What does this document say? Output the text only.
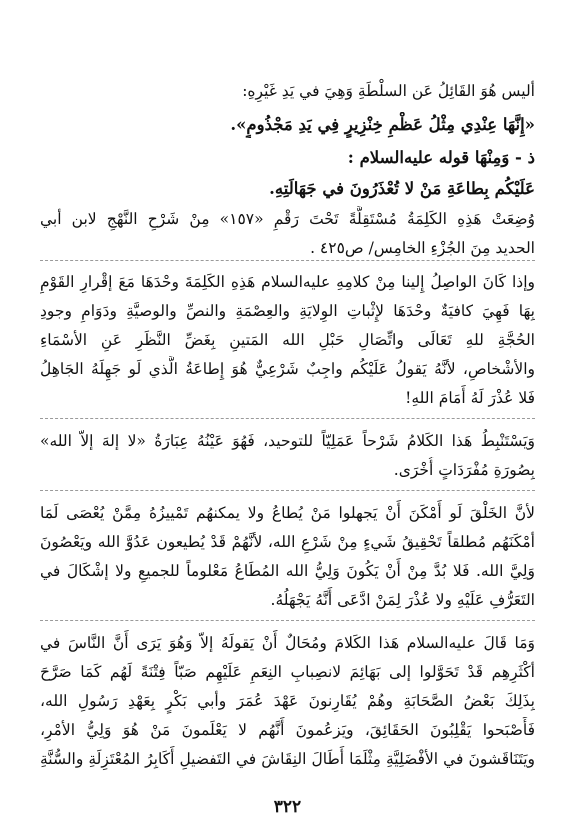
أليس هُوَ القَائِلُ عَن السلْطَةِ وَهِيَ في يَدِ غَيْرِهِ:
«إِنَّهَا عِنْدِي مِثْلُ عَظْمِ خِنْزِيرٍ فِي يَدِ مَجْذُومٍ».
ذ - وَمِنْهَا قوله عليه‌السلام :
عَلَيْكُم بِطاعَةِ مَنْ لا تُعْذَرُونَ في جَهَالَتِهِ.
وُضِعَتْ هَذِهِ الكَلِمَةُ مُسْتَقِلَّةً تَحْتَ رَقْمِ «١٥٧» مِنْ شَرْحِ النَّهْجِ لابن أبي
الحديد مِنَ الجُزْءِ الخامِس/ ص٤٢٥ .
وإذا كَانَ الواصِلُ إِلينا مِنْ كلامِهِ عليه‌السلام هَذِهِ الكَلِمَةَ وحْدَهَا مَعَ إقْرارِ القَوْمِ
بِهَا فَهِيَ كافيَةٌ وحْدَهَا لإِثْباتِ الوِلايَةِ والعِصْمَةِ والنصِّ والوصيَّةِ ودَوَامِ وجودِ
الحُجَّةِ للهِ تَعَالَى واتِّصَالِ حَبْلِ الله المَتينِ بِغَضِّ النَّظَرِ عَنِ الأسْمَاءِ
والأشْخاصِ، لأنَّهُ يَقولُ عَلَيْكُم واجِبٌ شَرْعِيٌّ هُوَ إِطاعَةُ الَّذي لَو جَهِلَهُ الجَاهِلُ
فَلا عُذْرَ لَهُ أَمَامَ اللهِ!
وَيَسْتَنْبِطُ هَذا الكَلامُ شَرْحاً عَمَلِيّاً للتوحيد، فَهُوَ عَيْنُهُ عِبَارَةُ «لا إلهَ إلاّ الله»
بِصُورَةِ مُفْرَدَاتٍ أُخْرَى.
لأنَّ الخَلْقَ لَو أَمْكَنَ أَنْ يَجهلوا مَنْ يُطاعُ ولا يمكنهُم تَمْييزُهُ مِمَّنْ يُعْصَى لَمَا
أمْكَنَهُم مُطلقاً تَحْقِيقُ شَيءٍ مِنْ شَرْعِ الله، لأنَّهُمْ قَدْ يُطيعون عَدُوَّ الله ويَعْصُونَ
وَلِيَّ الله. فَلا بُدَّ مِنْ أَنْ يَكُونَ وَلِيُّ الله المُطَاعُ مَعْلوماً للجميعِ ولا إشْكَالَ في
التَعَرُّفِ عَلَيْهِ ولا عُذْرَ لِمَنْ ادَّعَى أَنَّهُ يَجْهَلُهُ.
وَمَا قَالَ عليه‌السلام هَذا الكَلامَ ومُحَالٌ أَنْ يَقولَهُ إلاّ وَهُوَ يَرَى أَنَّ النَّاسَ في
أكْثَرِهِم قَدْ تَحَوَّلوا إلى بَهَائِمَ لانصِبابِ النِعَمِ عَلَيْهِم صَبّاً فِتْنَةً لَهُم كَمَا صَرَّحَ
بِذَلِكَ بَعْضُ الصَّحَابَةِ وهُمْ يُقَارِنونَ عَهْدَ عُمَرَ وأبي بَكْرٍ بِعَهْدِ رَسُولِ الله،
فَأَصْبَحوا يَقْلِبُونَ الحَقَائِقَ، ويَزعُمونَ أَنَّهُم لا يَعْلَمونَ مَنْ هُوَ وَلِيُّ الأمْرِ،
ويَتَنَاقَشونَ في الأفْضَلِيَّةِ مِثْلَمَا أَطَالَ النِقَاشَ في التَفضيلِ أَكَابِرُ المُعْتَزِلَةِ والسُّنَّةِ
٣٢٢
